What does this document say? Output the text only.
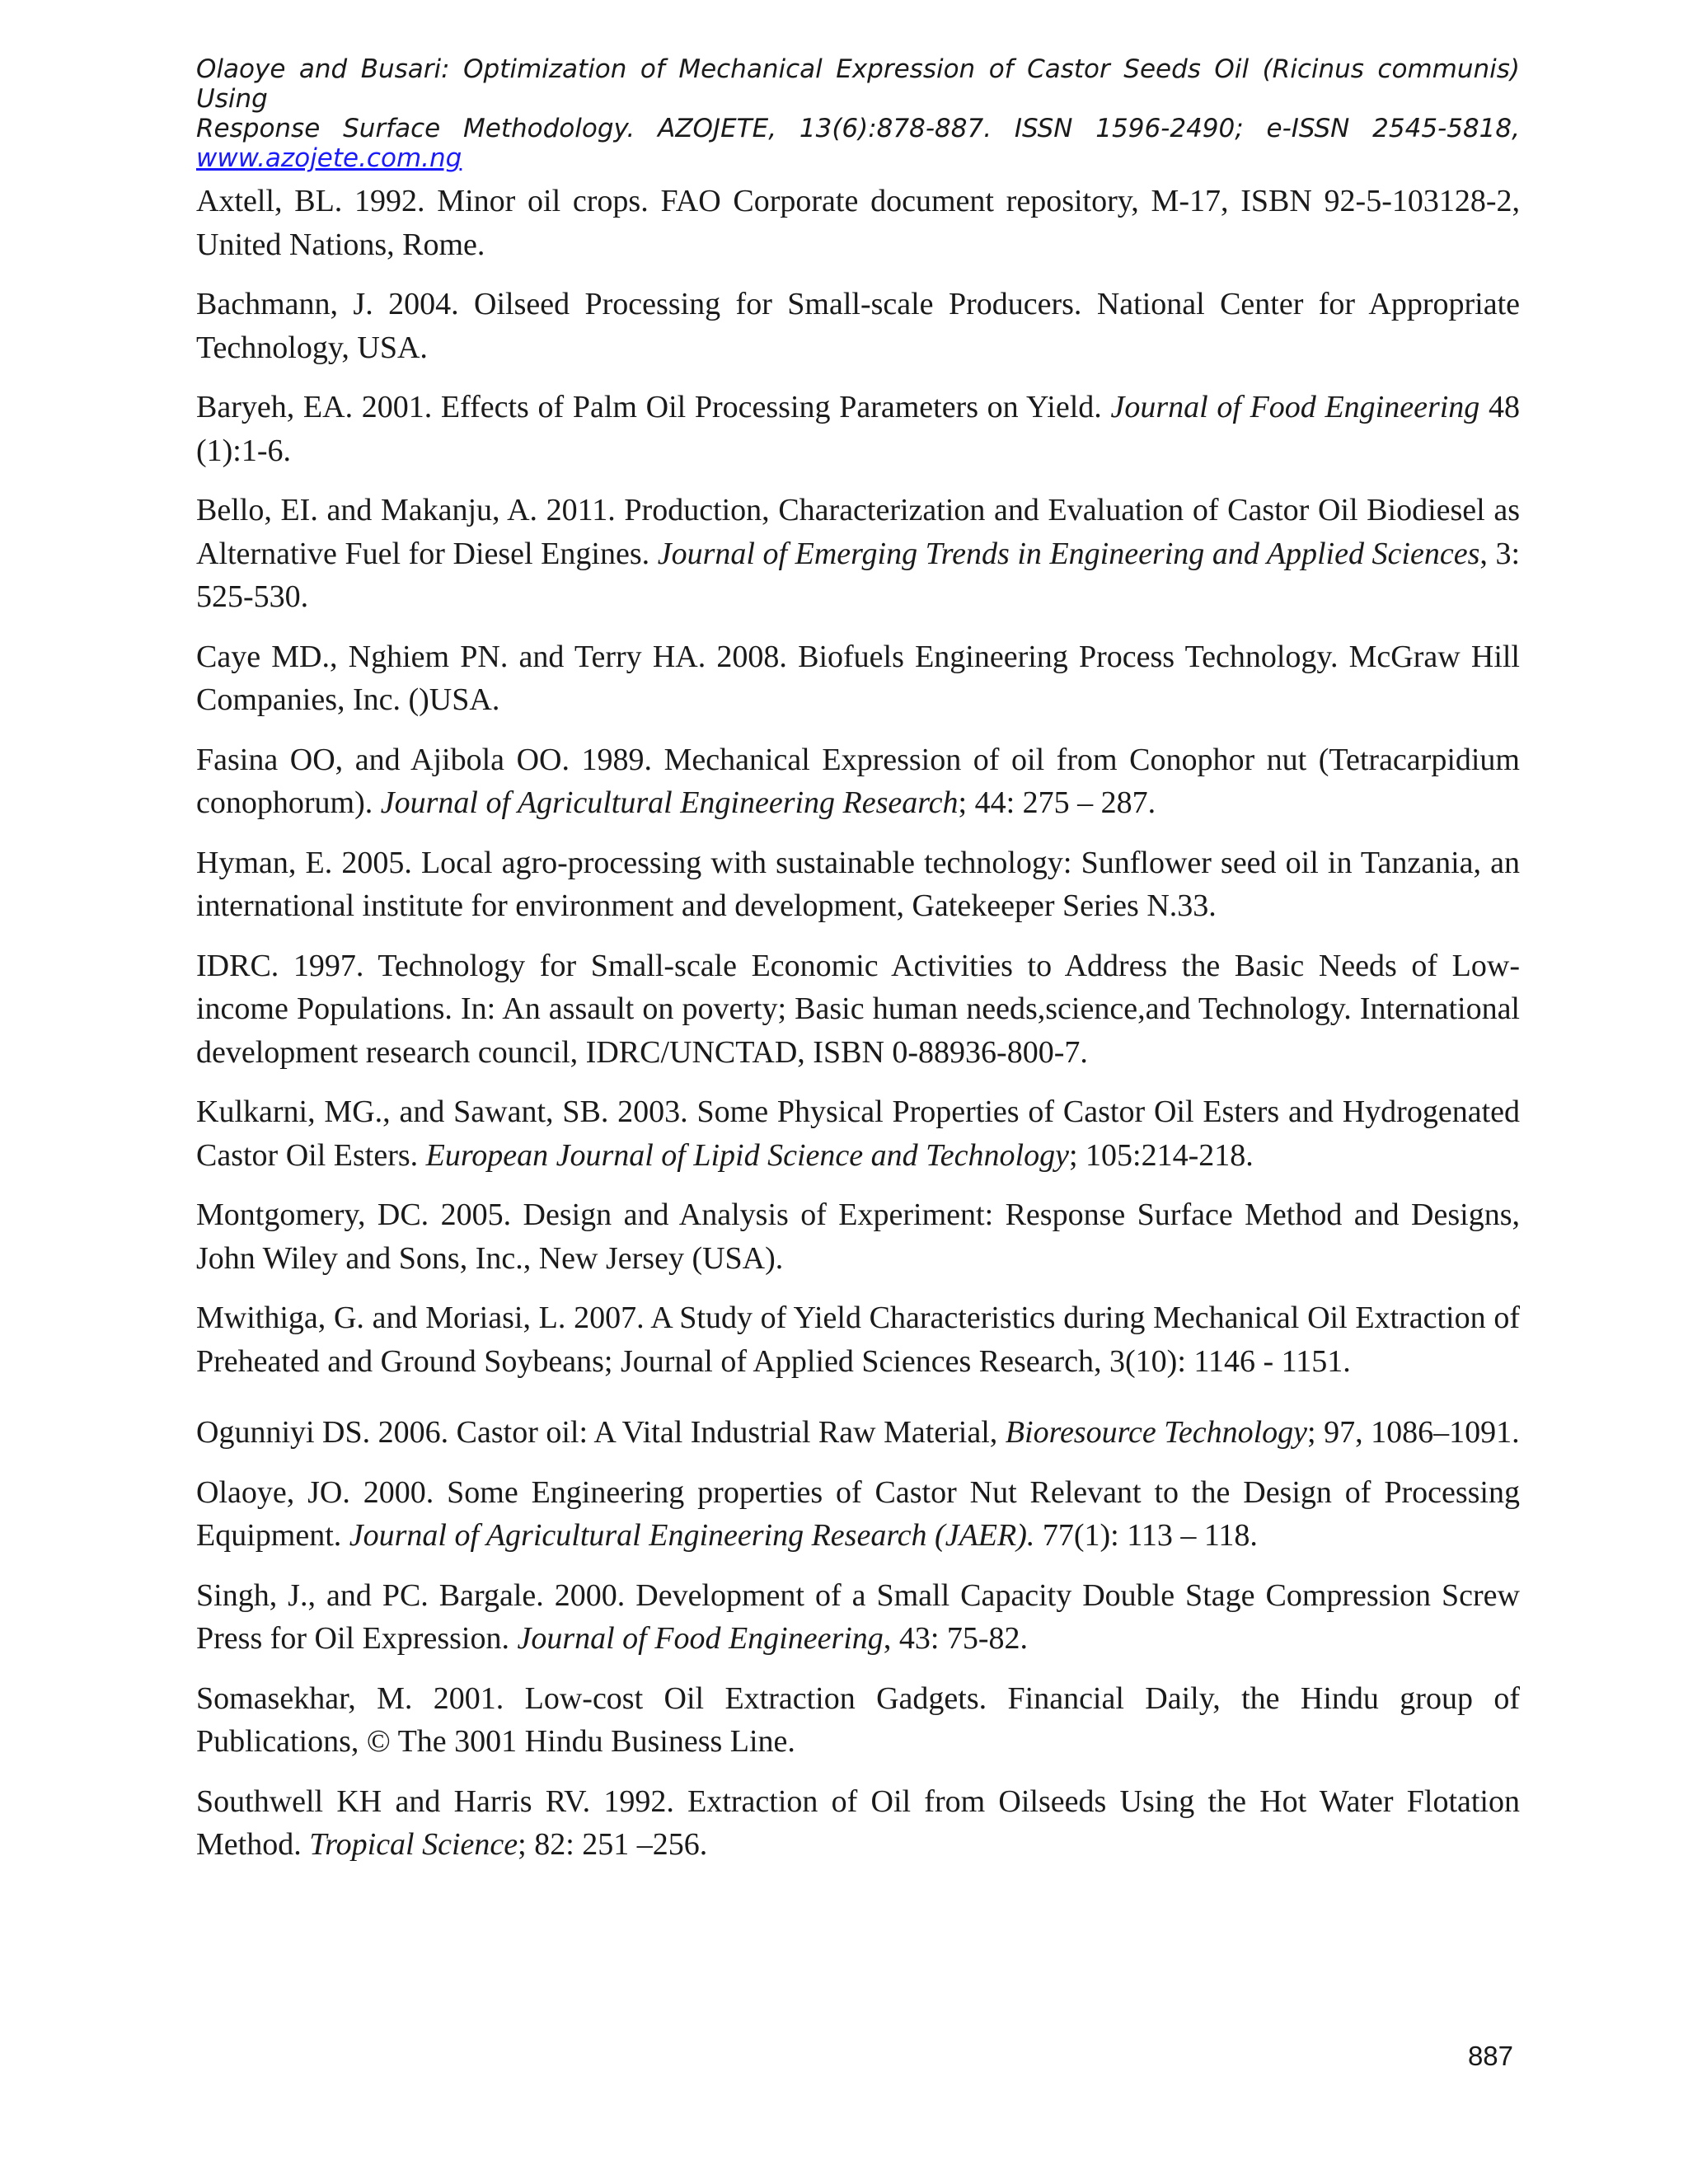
Olaoye and Busari: Optimization of Mechanical Expression of Castor Seeds Oil (Ricinus communis) Using
Response Surface Methodology. AZOJETE, 13(6):878-887. ISSN 1596-2490; e-ISSN 2545-5818,
www.azojete.com.ng

Axtell, BL. 1992. Minor oil crops. FAO Corporate document repository, M-17, ISBN 92-5-103128-2, United Nations, Rome.

Bachmann, J. 2004. Oilseed Processing for Small-scale Producers. National Center for Appropriate Technology, USA.

Baryeh, EA. 2001. Effects of Palm Oil Processing Parameters on Yield. Journal of Food Engineering 48 (1):1-6.

Bello, EI. and Makanju, A. 2011. Production, Characterization and Evaluation of Castor Oil Biodiesel as Alternative Fuel for Diesel Engines. Journal of Emerging Trends in Engineering and Applied Sciences, 3: 525-530.

Caye MD., Nghiem PN. and Terry HA. 2008. Biofuels Engineering Process Technology. McGraw Hill Companies, Inc. ()USA.

Fasina OO, and Ajibola OO. 1989. Mechanical Expression of oil from Conophor nut (Tetracarpidium conophorum). Journal of Agricultural Engineering Research; 44: 275 – 287.

Hyman, E. 2005. Local agro-processing with sustainable technology: Sunflower seed oil in Tanzania, an international institute for environment and development, Gatekeeper Series N.33.

IDRC. 1997. Technology for Small-scale Economic Activities to Address the Basic Needs of Low-income Populations. In: An assault on poverty; Basic human needs,science,and Technology. International development research council, IDRC/UNCTAD, ISBN 0-88936-800-7.

Kulkarni, MG., and Sawant, SB. 2003. Some Physical Properties of Castor Oil Esters and Hydrogenated Castor Oil Esters. European Journal of Lipid Science and Technology; 105:214-218.

Montgomery, DC. 2005. Design and Analysis of Experiment: Response Surface Method and Designs, John Wiley and Sons, Inc., New Jersey (USA).

Mwithiga, G. and Moriasi, L. 2007. A Study of Yield Characteristics during Mechanical Oil Extraction of Preheated and Ground Soybeans; Journal of Applied Sciences Research, 3(10): 1146 - 1151.

Ogunniyi DS. 2006. Castor oil: A Vital Industrial Raw Material, Bioresource Technology; 97, 1086–1091.

Olaoye, JO. 2000. Some Engineering properties of Castor Nut Relevant to the Design of Processing Equipment. Journal of Agricultural Engineering Research (JAER). 77(1): 113 – 118.

Singh, J., and PC. Bargale. 2000. Development of a Small Capacity Double Stage Compression Screw Press for Oil Expression. Journal of Food Engineering, 43: 75-82.

Somasekhar, M. 2001. Low-cost Oil Extraction Gadgets. Financial Daily, the Hindu group of Publications, © The 3001 Hindu Business Line.

Southwell KH and Harris RV. 1992. Extraction of Oil from Oilseeds Using the Hot Water Flotation Method. Tropical Science; 82: 251 –256.

887
